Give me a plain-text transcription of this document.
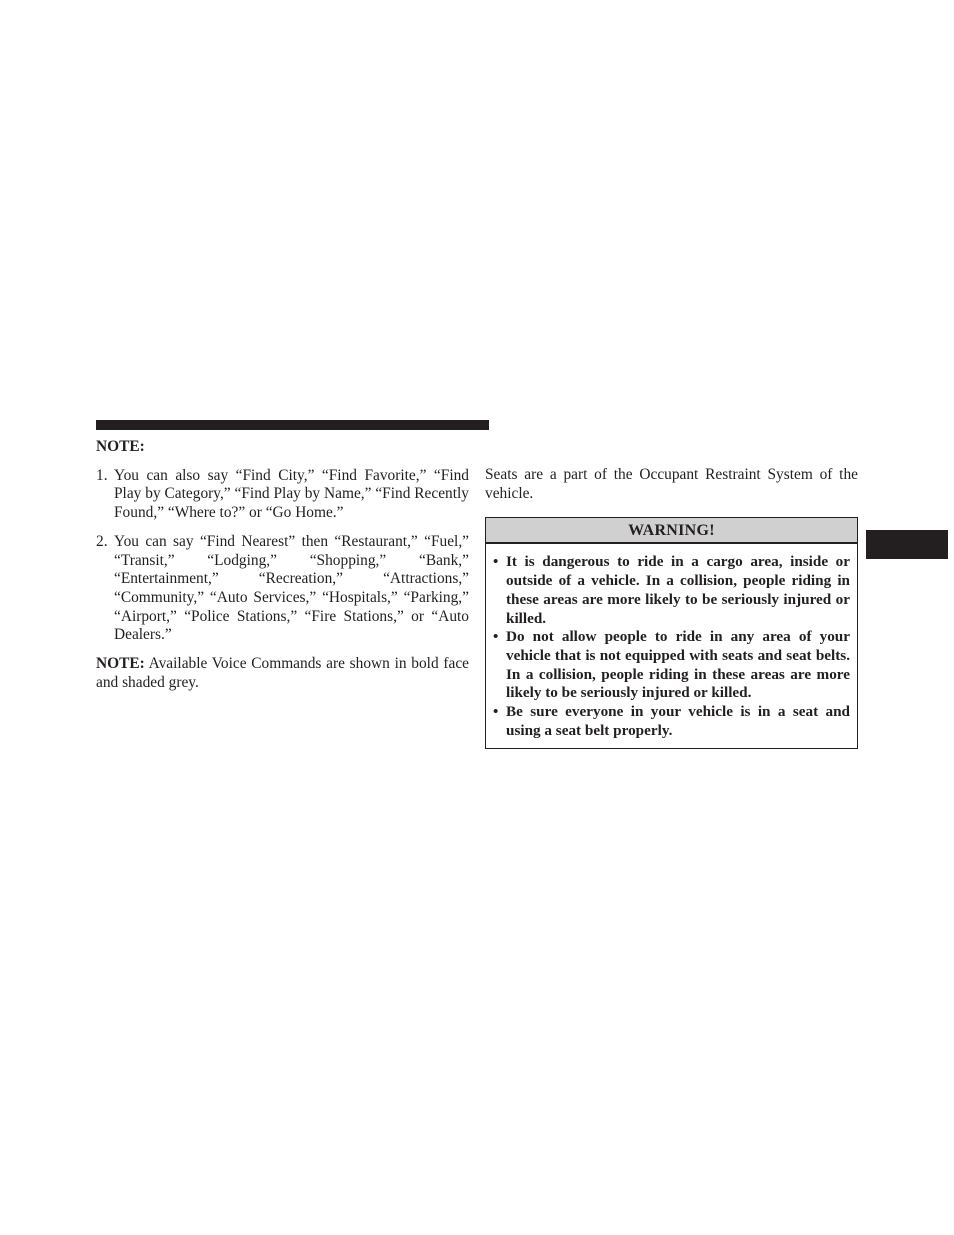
NOTE:

1. You can also say “Find City,” “Find Favorite,” “Find Play by Category,” “Find Play by Name,” “Find Recently Found,” “Where to?” or “Go Home.”
2. You can say “Find Nearest” then “Restaurant,” “Fuel,” “Transit,” “Lodging,” “Shopping,” “Bank,” “Entertainment,” “Recreation,” “Attractions,” “Community,” “Auto Services,” “Hospitals,” “Parking,” “Airport,” “Police Stations,” “Fire Stations,” or “Auto Dealers.”

NOTE: Available Voice Commands are shown in bold face and shaded grey.

Seats are a part of the Occupant Restraint System of the vehicle.

WARNING!
• It is dangerous to ride in a cargo area, inside or outside of a vehicle. In a collision, people riding in these areas are more likely to be seriously injured or killed.
• Do not allow people to ride in any area of your vehicle that is not equipped with seats and seat belts. In a collision, people riding in these areas are more likely to be seriously injured or killed.
• Be sure everyone in your vehicle is in a seat and using a seat belt properly.
